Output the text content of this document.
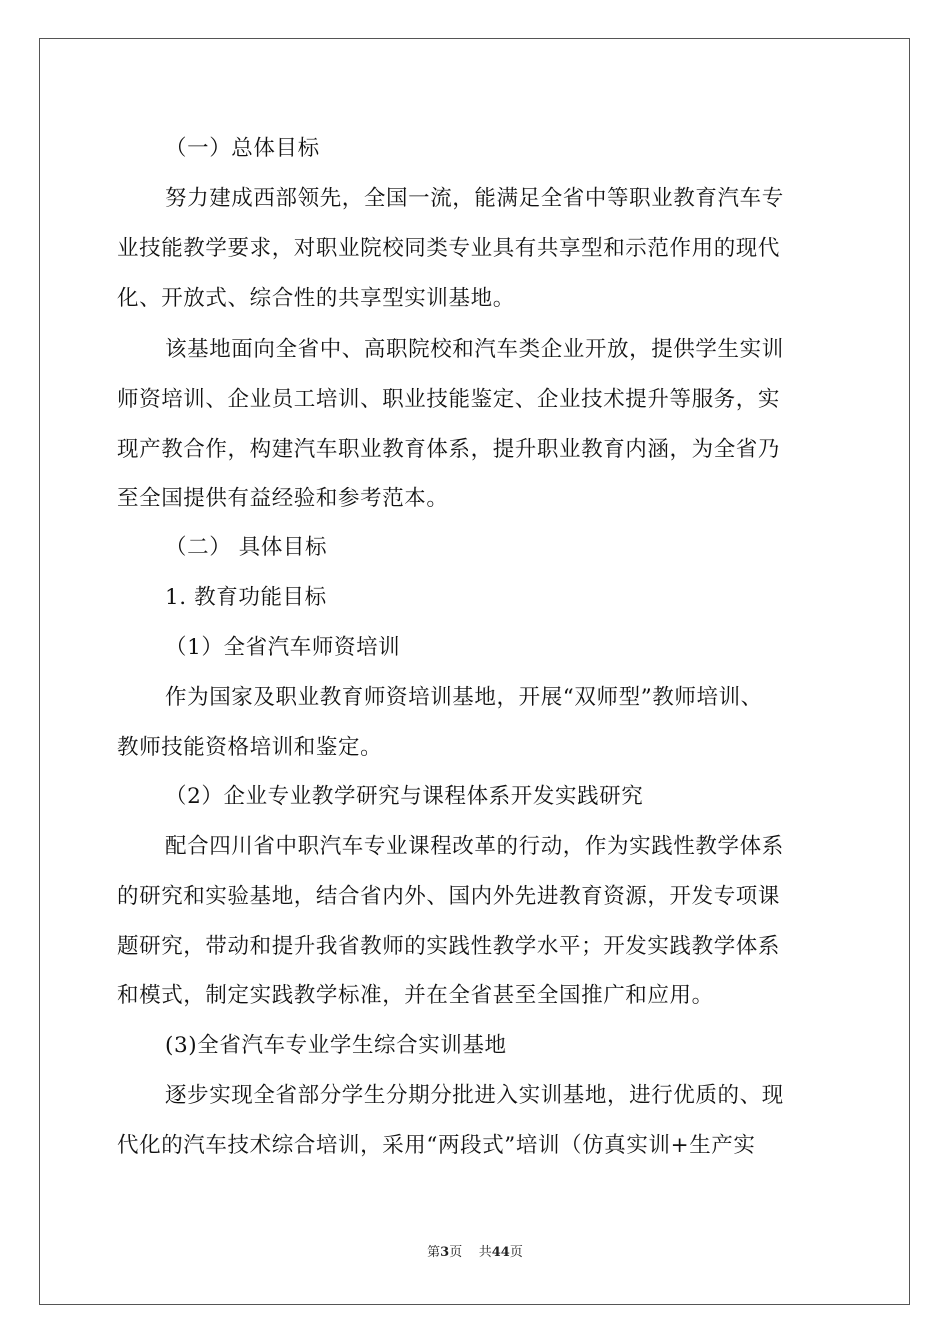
（一）总体目标
努力建成西部领先，全国一流，能满足全省中等职业教育汽车专
业技能教学要求，对职业院校同类专业具有共享型和示范作用的现代
化、开放式、综合性的共享型实训基地。
该基地面向全省中、高职院校和汽车类企业开放，提供学生实训
师资培训、企业员工培训、职业技能鉴定、企业技术提升等服务，实
现产教合作，构建汽车职业教育体系，提升职业教育内涵，为全省乃
至全国提供有益经验和参考范本。
（二） 具体目标
1. 教育功能目标
（1）全省汽车师资培训
作为国家及职业教育师资培训基地，开展“双师型”教师培训、
教师技能资格培训和鉴定。
（2）企业专业教学研究与课程体系开发实践研究
配合四川省中职汽车专业课程改革的行动，作为实践性教学体系
的研究和实验基地，结合省内外、国内外先进教育资源，开发专项课
题研究，带动和提升我省教师的实践性教学水平；开发实践教学体系
和模式，制定实践教学标准，并在全省甚至全国推广和应用。
(3)全省汽车专业学生综合实训基地
逐步实现全省部分学生分期分批进入实训基地，进行优质的、现
代化的汽车技术综合培训，采用“两段式”培训（仿真实训+生产实
第3页 共44页
